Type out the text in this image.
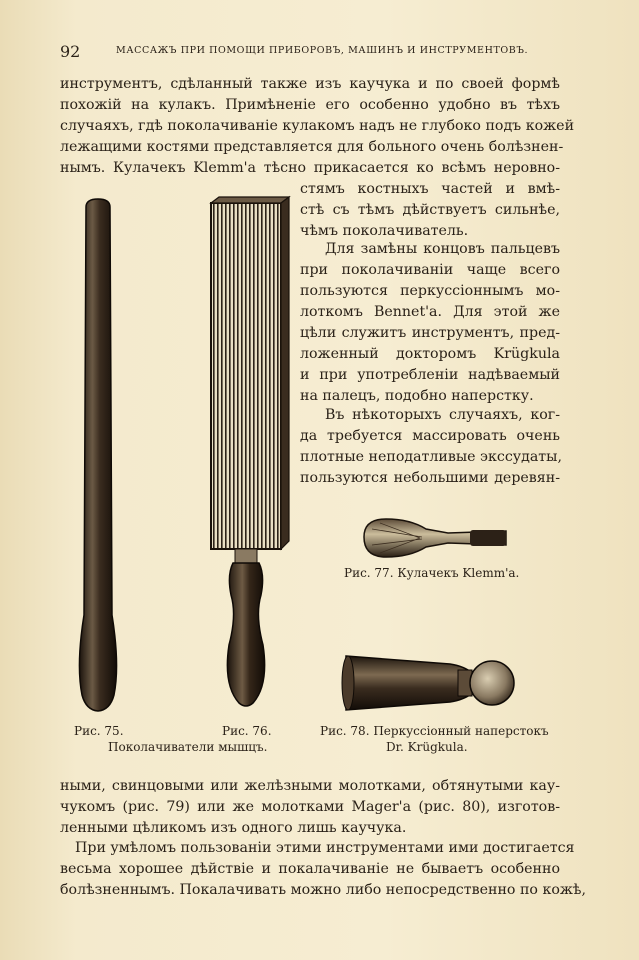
92	МАССАЖЪ ПРИ ПОМОЩИ ПРИБОРОВЪ, МАШИНЪ И ИНСТРУМЕНТОВЪ.
инструментъ, сдѣланный также изъ каучука и по своей формѣ
похожій на кулакъ. Примѣненіе его особенно удобно въ тѣхъ
случаяхъ, гдѣ поколачиваніе кулакомъ надъ не глубоко подъ кожей
лежащими костями представляется для больного очень болѣзнен-
нымъ. Кулачекъ Klemm'a тѣсно прикасается ко всѣмъ неровно-
стямъ костныхъ частей и вмѣ-
стѣ съ тѣмъ дѣйствуетъ сильнѣе,
чѣмъ поколачиватель.
Для замѣны концовъ пальцевъ
при поколачиваніи чаще всего
пользуются перкуссіоннымъ мо-
лоткомъ Bennet'a. Для этой же
цѣли служитъ инструментъ, пред-
ложенный докторомъ Krügkula
и при употребленіи надѣваемый
на палецъ, подобно наперстку.
Въ нѣкоторыхъ случаяхъ, ког-
да требуется массировать очень
плотные неподатливые эксcудаты,
пользуются небольшими деревян-
Рис. 77. Кулачекъ Klemm'a.
Рис. 75.	Рис. 76.
Поколачиватели мышцъ.
Рис. 78. Перкуссіонный наперстокъ
Dr. Krügkula.
ными, свинцовыми или желѣзными молотками, обтянутыми кау-
чукомъ (рис. 79) или же молотками Mager'a (рис. 80), изготов-
ленными цѣликомъ изъ одного лишь каучука.
При умѣломъ пользованіи этими инструментами ими достигается
весьма хорошее дѣйствіе и покалачиваніе не бываетъ особенно
болѣзненнымъ. Покалачивать можно либо непосредственно по кожѣ,
